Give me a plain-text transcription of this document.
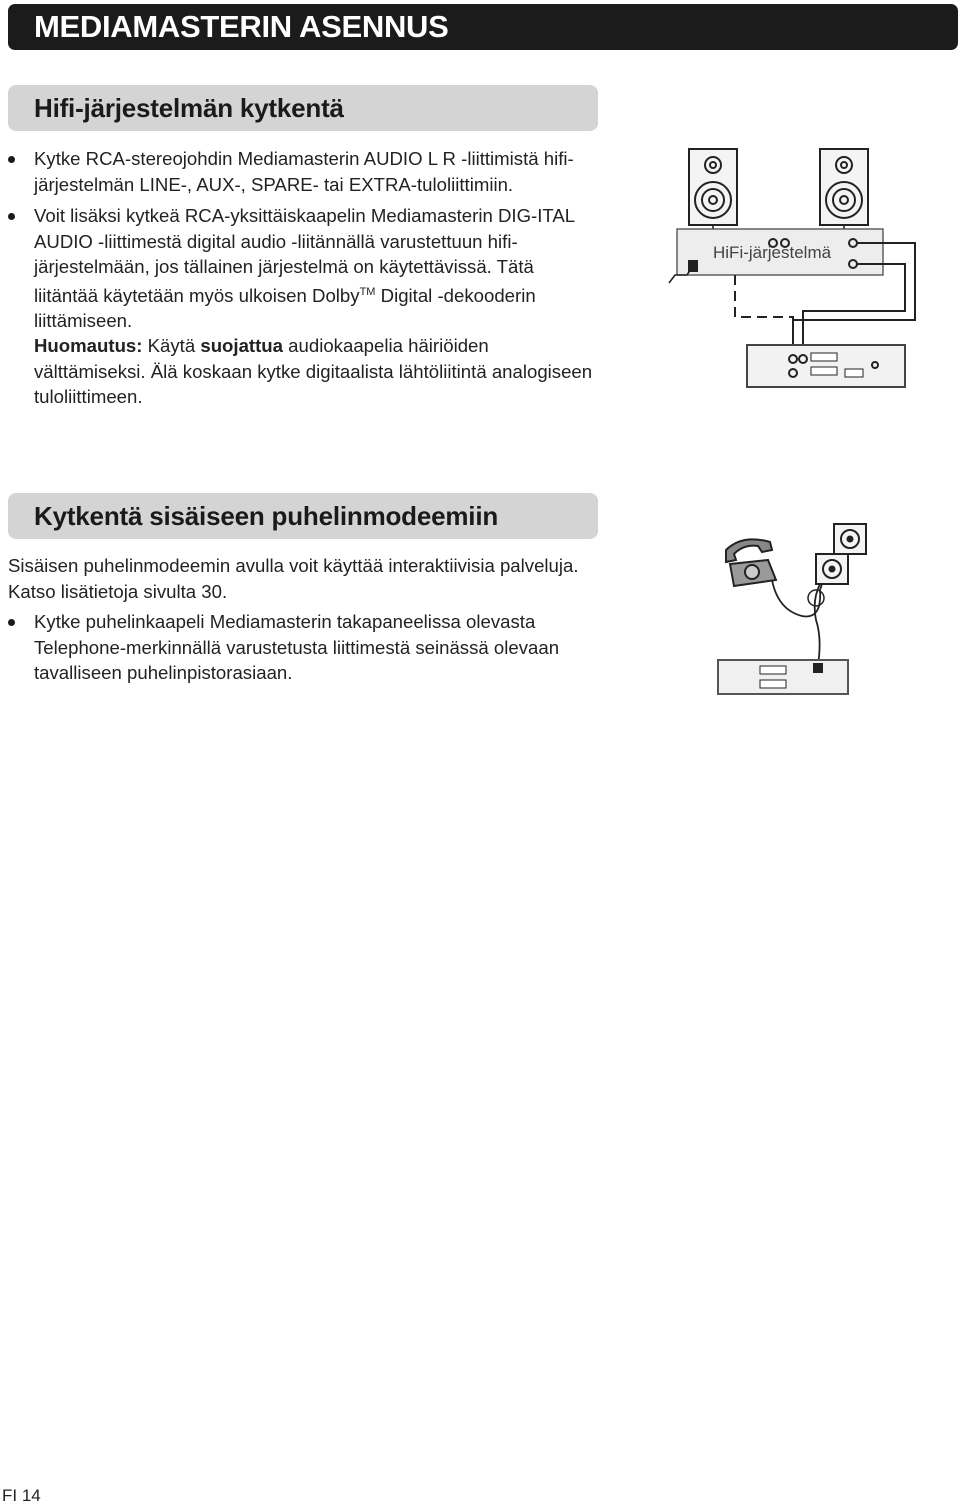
MEDIAMASTERIN ASENNUS
Hifi-järjestelmän kytkentä
Kytke RCA-stereojohdin Mediamasterin AUDIO L R -liittimistä hifi-järjestelmän LINE-, AUX-, SPARE- tai EXTRA-tuloliittimiin.
Voit lisäksi kytkeä RCA-yksittäiskaapelin Mediamasterin DIG-ITAL AUDIO -liittimestä digital audio -liitännällä varustettuun hifi-järjestelmään, jos tällainen järjestelmä on käytettävissä. Tätä liitäntää käytetään myös ulkoisen Dolby™ Digital -dekooderin liittämiseen.

Huomautus: Käytä suojattua audiokaapelia häiriöiden välttämiseksi. Älä koskaan kytke digitaalista lähtöliitintä analogiseen tuloliittimeen.

HiFi-järjestelmä
Kytkentä sisäiseen puhelinmodeemiin

Sisäisen puhelinmodeemin avulla voit käyttää interaktiivisia palveluja. Katso lisätietoja sivulta 30.

Kytke puhelinkaapeli Mediamasterin takapaneelissa olevasta Telephone-merkinnällä varustetusta liittimestä seinässä olevaan tavalliseen puhelinpistorasiaan.
FI 14
